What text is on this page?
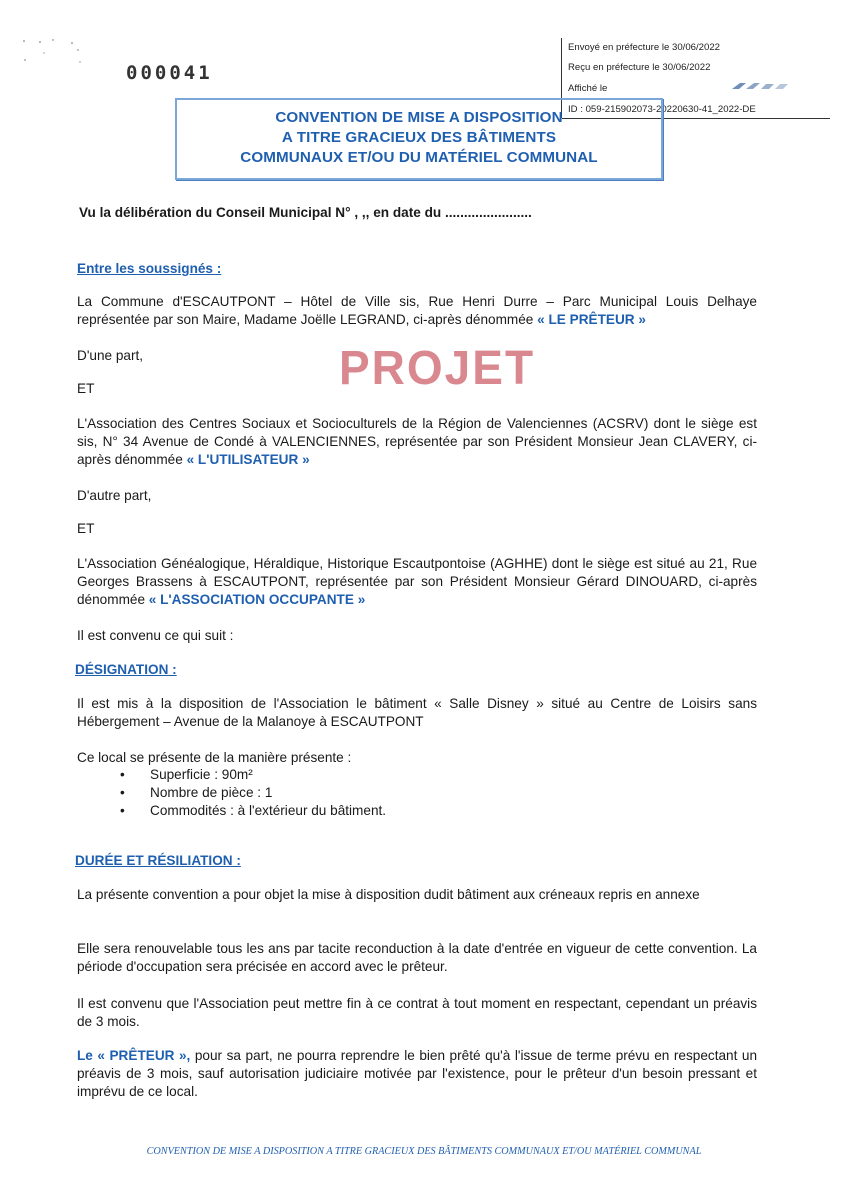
000041
Envoyé en préfecture le 30/06/2022
Reçu en préfecture le 30/06/2022
Affiché le
ID : 059-215902073-20220630-41_2022-DE
CONVENTION DE MISE A DISPOSITION
A TITRE GRACIEUX DES BÂTIMENTS
COMMUNAUX ET/OU DU MATÉRIEL COMMUNAL
Vu la délibération du Conseil Municipal N° , ,, en date du .......................
Entre les soussignés :
La Commune d'ESCAUTPONT – Hôtel de Ville sis, Rue Henri Durre – Parc Municipal Louis Delhaye représentée par son Maire, Madame Joëlle LEGRAND, ci-après dénommée « LE PRÊTEUR »
D'une part,	PROJET
ET
L'Association des Centres Sociaux et Socioculturels de la Région de Valenciennes (ACSRV) dont le siège est sis, N° 34 Avenue de Condé à VALENCIENNES, représentée par son Président Monsieur Jean CLAVERY, ci-après dénommée « L'UTILISATEUR »
D'autre part,
ET
L'Association Généalogique, Héraldique, Historique Escautpontoise (AGHHE) dont le siège est situé au 21, Rue Georges Brassens à ESCAUTPONT, représentée par son Président Monsieur Gérard DINOUARD, ci-après dénommée « L'ASSOCIATION OCCUPANTE »
Il est convenu ce qui suit :
DÉSIGNATION :
Il est mis à la disposition de l'Association le bâtiment « Salle Disney » situé au Centre de Loisirs sans Hébergement – Avenue de la Malanoye à ESCAUTPONT
Ce local se présente de la manière présente :
• Superficie : 90m²
• Nombre de pièce : 1
• Commodités : à l'extérieur du bâtiment.
DURÉE ET RÉSILIATION :
La présente convention a pour objet la mise à disposition dudit bâtiment aux créneaux repris en annexe
Elle sera renouvelable tous les ans par tacite reconduction à la date d'entrée en vigueur de cette convention. La période d'occupation sera précisée en accord avec le prêteur.
Il est convenu que l'Association peut mettre fin à ce contrat à tout moment en respectant, cependant un préavis de 3 mois.
Le « PRÊTEUR », pour sa part, ne pourra reprendre le bien prêté qu'à l'issue de terme prévu en respectant un préavis de 3 mois, sauf autorisation judiciaire motivée par l'existence, pour le prêteur d'un besoin pressant et imprévu de ce local.
CONVENTION DE MISE A DISPOSITION A TITRE GRACIEUX DES BÂTIMENTS COMMUNAUX ET/OU MATÉRIEL COMMUNAL
